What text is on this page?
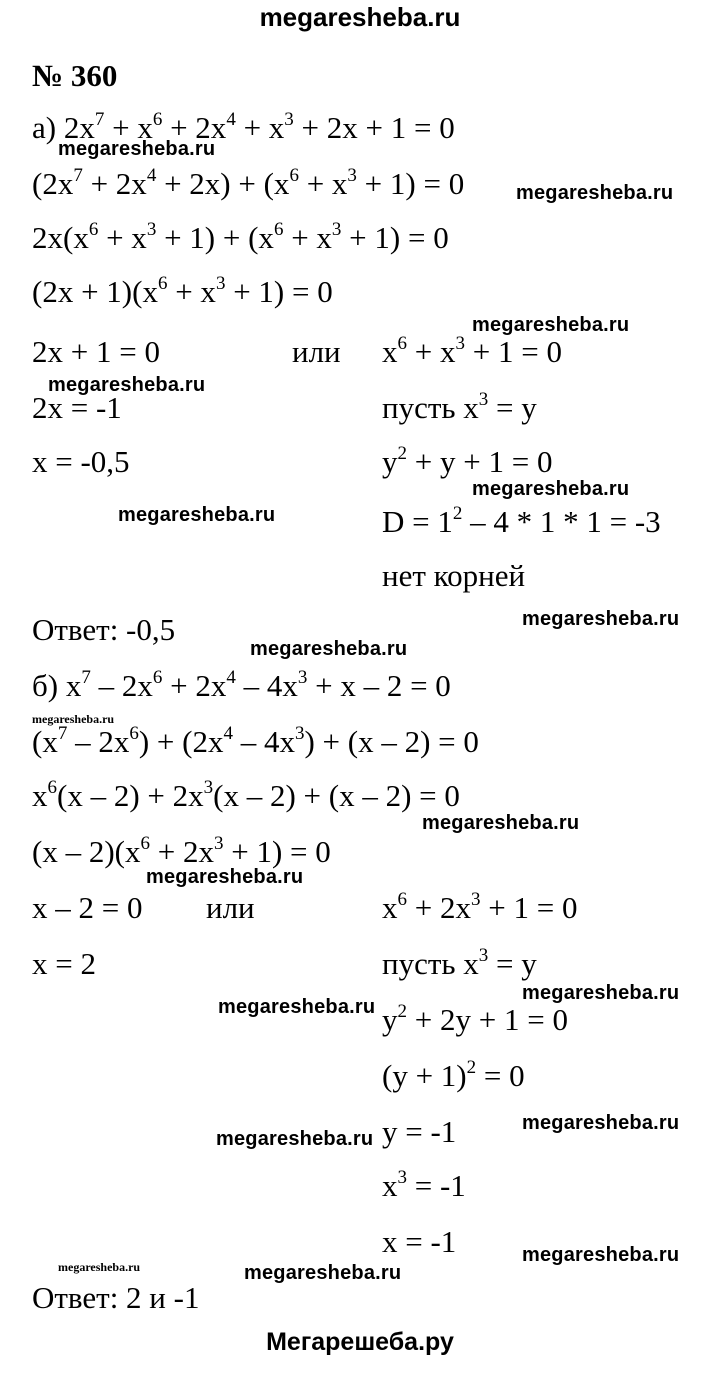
megaresheba.ru
№ 360
а) $2x^7 + x^6 + 2x^4 + x^3 + 2x + 1 = 0$
$(2x^7 + 2x^4 + 2x) + (x^6 + x^3 + 1) = 0$
$2x(x^6 + x^3 + 1) + (x^6 + x^3 + 1) = 0$
$(2x + 1)(x^6 + x^3 + 1) = 0$
2x + 1 = 0	или $x^6 + x^3 + 1 = 0$
2x = -1	пусть $x^3 = y$
x = -0,5	$y^2 + y + 1 = 0$
$D = 1^2 - 4 * 1 * 1 = -3$
нет корней
Ответ: -0,5
б) $x^7 - 2x^6 + 2x^4 - 4x^3 + x - 2 = 0$
$(x^7 - 2x^6) + (2x^4 - 4x^3) + (x - 2) = 0$
$x^6(x - 2) + 2x^3(x - 2) + (x - 2) = 0$
$(x - 2)(x^6 + 2x^3 + 1) = 0$
x – 2 = 0 или	$x^6 + 2x^3 + 1 = 0$
x = 2	пусть $x^3 = y$
$y^2 + 2y + 1 = 0$
$(y + 1)^2 = 0$
y = -1
$x^3 = -1$
x = -1
Ответ: 2 и -1
megaresheba.ru
megaresheba.ru
megaresheba.ru
megaresheba.ru
megaresheba.ru
megaresheba.ru
megaresheba.ru
megaresheba.ru
megaresheba.ru
megaresheba.ru
megaresheba.ru
megaresheba.ru
megaresheba.ru
megaresheba.ru
megaresheba.ru
megaresheba.ru
megaresheba.ru	megaresheba.ru
Мегарешеба.ру
